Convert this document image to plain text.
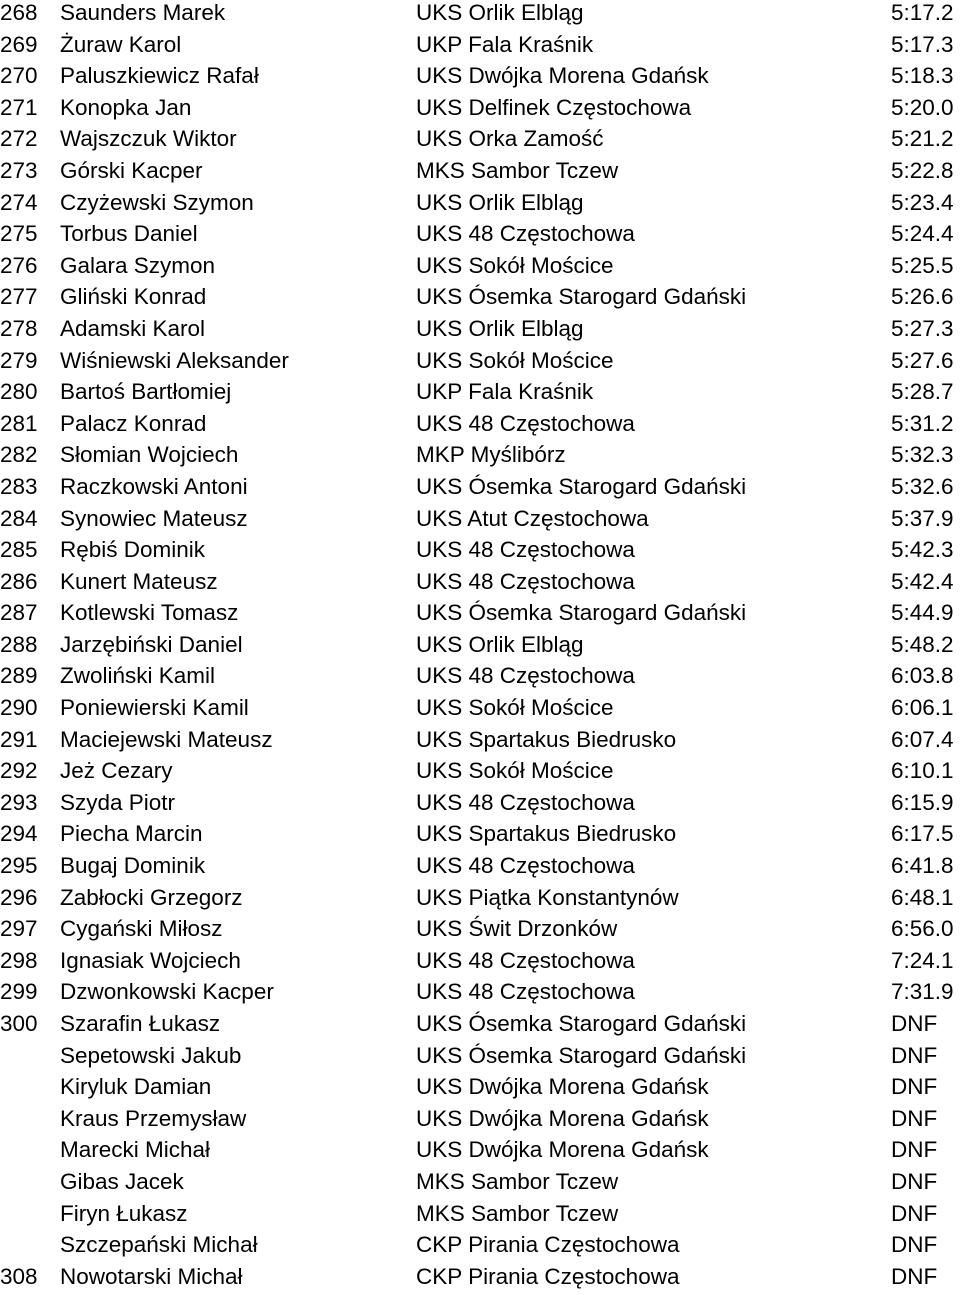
268 Saunders Marek	UKS Orlik Elbląg	5:17.2
269 Żuraw Karol	UKP Fala Kraśnik	5:17.3
270 Paluszkiewicz Rafał	UKS Dwójka Morena Gdańsk	5:18.3
271 Konopka Jan	UKS Delfinek Częstochowa	5:20.0
272 Wajszczuk Wiktor	UKS Orka Zamość	5:21.2
273 Górski Kacper	MKS Sambor Tczew	5:22.8
274 Czyżewski Szymon	UKS Orlik Elbląg	5:23.4
275 Torbus Daniel	UKS 48 Częstochowa	5:24.4
276 Galara Szymon	UKS Sokół Mościce	5:25.5
277 Gliński Konrad	UKS Ósemka Starogard Gdański	5:26.6
278 Adamski Karol	UKS Orlik Elbląg	5:27.3
279 Wiśniewski Aleksander	UKS Sokół Mościce	5:27.6
280 Bartoś Bartłomiej	UKP Fala Kraśnik	5:28.7
281 Palacz Konrad	UKS 48 Częstochowa	5:31.2
282 Słomian Wojciech	MKP Myślibórz	5:32.3
283 Raczkowski Antoni	UKS Ósemka Starogard Gdański	5:32.6
284 Synowiec Mateusz	UKS Atut Częstochowa	5:37.9
285 Rębiś Dominik	UKS 48 Częstochowa	5:42.3
286 Kunert Mateusz	UKS 48 Częstochowa	5:42.4
287 Kotlewski Tomasz	UKS Ósemka Starogard Gdański	5:44.9
288 Jarzębiński Daniel	UKS Orlik Elbląg	5:48.2
289 Zwoliński Kamil	UKS 48 Częstochowa	6:03.8
290 Poniewierski Kamil	UKS Sokół Mościce	6:06.1
291 Maciejewski Mateusz	UKS Spartakus Biedrusko	6:07.4
292 Jeż Cezary	UKS Sokół Mościce	6:10.1
293 Szyda Piotr	UKS 48 Częstochowa	6:15.9
294 Piecha Marcin	UKS Spartakus Biedrusko	6:17.5
295 Bugaj Dominik	UKS 48 Częstochowa	6:41.8
296 Zabłocki Grzegorz	UKS Piątka Konstantynów	6:48.1
297 Cygański Miłosz	UKS Świt Drzonków	6:56.0
298 Ignasiak Wojciech	UKS 48 Częstochowa	7:24.1
299 Dzwonkowski Kacper	UKS 48 Częstochowa	7:31.9
300 Szarafin Łukasz	UKS Ósemka Starogard Gdański	DNF
Sepetowski Jakub	UKS Ósemka Starogard Gdański	DNF
Kiryluk Damian	UKS Dwójka Morena Gdańsk	DNF
Kraus Przemysław	UKS Dwójka Morena Gdańsk	DNF
Marecki Michał	UKS Dwójka Morena Gdańsk	DNF
Gibas Jacek	MKS Sambor Tczew	DNF
Firyn Łukasz	MKS Sambor Tczew	DNF
Szczepański Michał	CKP Pirania Częstochowa	DNF
308 Nowotarski Michał	CKP Pirania Częstochowa	DNF
